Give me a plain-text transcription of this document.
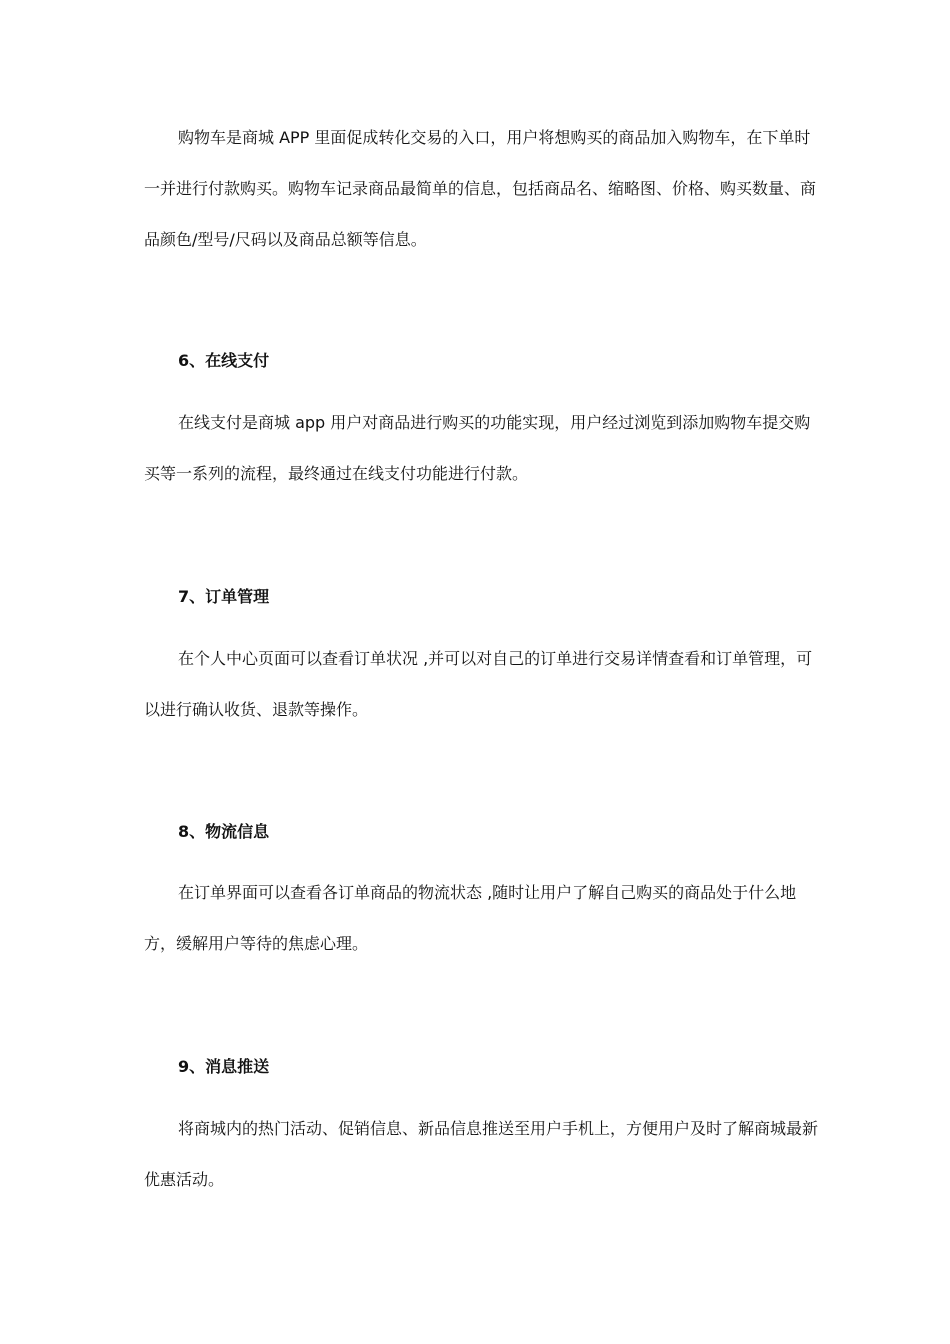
购物车是商城 APP 里面促成转化交易的入口，用户将想购买的商品加入购物车，在下单时一并进行付款购买。购物车记录商品最简单的信息，包括商品名、缩略图、价格、购买数量、商品颜色/型号/尺码以及商品总额等信息。

6、在线支付

在线支付是商城 app 用户对商品进行购买的功能实现，用户经过浏览到添加购物车提交购买等一系列的流程，最终通过在线支付功能进行付款。

7、订单管理

在个人中心页面可以查看订单状况 ,并可以对自己的订单进行交易详情查看和订单管理，可以进行确认收货、退款等操作。

8、物流信息

在订单界面可以查看各订单商品的物流状态 ,随时让用户了解自己购买的商品处于什么地方，缓解用户等待的焦虑心理。

9、消息推送

将商城内的热门活动、促销信息、新品信息推送至用户手机上，方便用户及时了解商城最新优惠活动。
